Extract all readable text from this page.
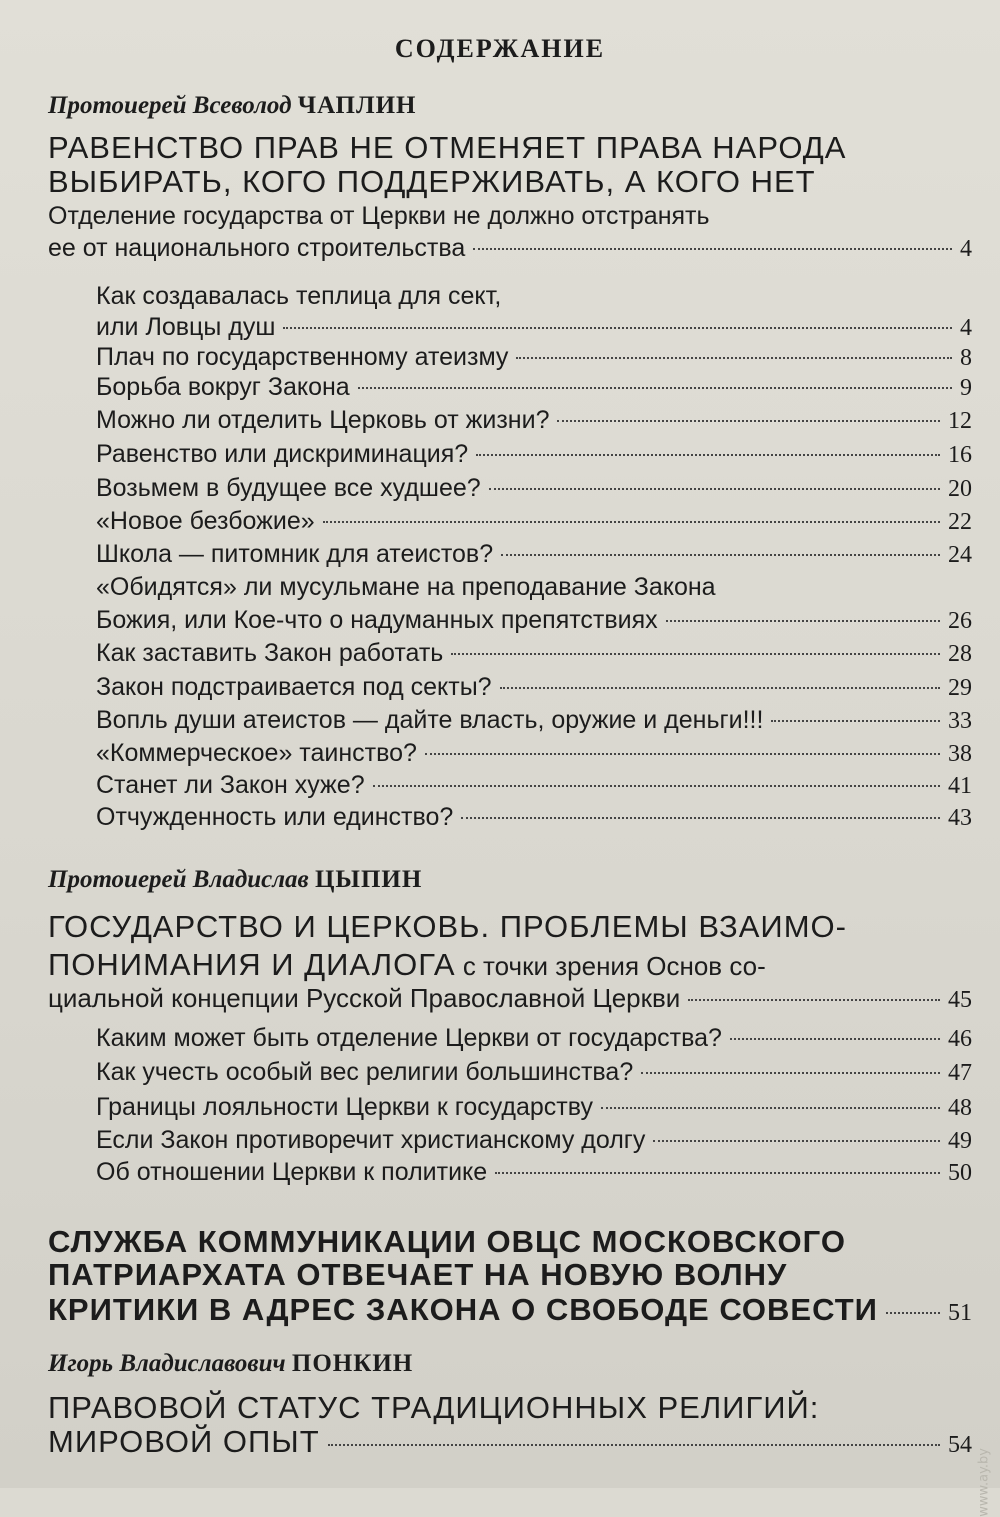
СОДЕРЖАНИЕ
Протоиерей Всеволод ЧАПЛИН
РАВЕНСТВО ПРАВ НЕ ОТМЕНЯЕТ ПРАВА НАРОДА
ВЫБИРАТЬ, КОГО ПОДДЕРЖИВАТЬ, А КОГО НЕТ
Отделение государства от Церкви не должно отстранять
ее от национального строительства	4
Как создавалась теплица для сект,
или Ловцы душ	4
Плач по государственному атеизму	8
Борьба вокруг Закона	9
Можно ли отделить Церковь от жизни?	12
Равенство или дискриминация?	16
Возьмем в будущее все худшее?	20
«Новое безбожие»	22
Школа — питомник для атеистов?	24
«Обидятся» ли мусульмане на преподавание Закона
Божия, или Кое-что о надуманных препятствиях	26
Как заставить Закон работать	28
Закон подстраивается под секты?	29
Вопль души атеистов — дайте власть, оружие и деньги!!!	33
«Коммерческое» таинство?	38
Станет ли Закон хуже?	41
Отчужденность или единство?	43
Протоиерей Владислав ЦЫПИН
ГОСУДАРСТВО И ЦЕРКОВЬ. ПРОБЛЕМЫ ВЗАИМО-
ПОНИМАНИЯ И ДИАЛОГА с точки зрения Основ со-
циальной концепции Русской Православной Церкви	45
Каким может быть отделение Церкви от государства?	46
Как учесть особый вес религии большинства?	47
Границы лояльности Церкви к государству	48
Если Закон противоречит христианскому долгу	49
Об отношении Церкви к политике	50
СЛУЖБА КОММУНИКАЦИИ ОВЦС МОСКОВСКОГО
ПАТРИАРХАТА ОТВЕЧАЕТ НА НОВУЮ ВОЛНУ
КРИТИКИ В АДРЕС ЗАКОНА О СВОБОДЕ СОВЕСТИ	51
Игорь Владиславович ПОНКИН
ПРАВОВОЙ СТАТУС ТРАДИЦИОННЫХ РЕЛИГИЙ:
МИРОВОЙ ОПЫТ	54
www.ay.by
